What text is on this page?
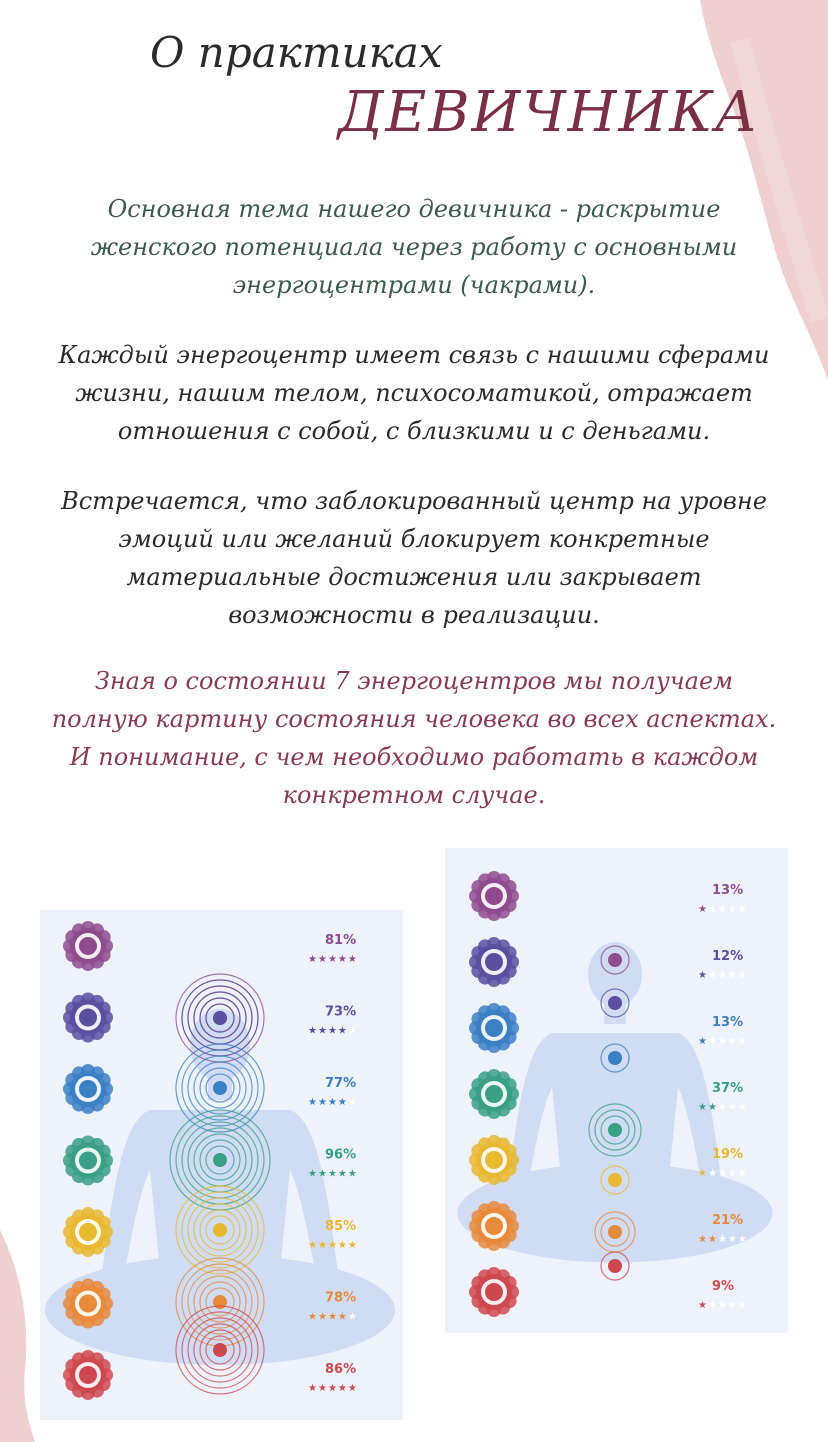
О практиках
ДЕВИЧНИКА
Основная тема нашего девичника - раскрытие
женского потенциала через работу с основными
энергоцентрами (чакрами).
Каждый энергоцентр имеет связь с нашими сферами
жизни, нашим телом, психосоматикой, отражает
отношения с собой, с близкими и с деньгами.
Встречается, что заблокированный центр на уровне
эмоций или желаний блокирует конкретные
материальные достижения или закрывает
возможности в реализации.
Зная о состоянии 7 энергоцентров мы получаем
полную картину состояния человека во всех аспектах.
И понимание, с чем необходимо работать в каждом
конкретном случае.
81%
★★★★★
73%
★★★★★
77%
★★★★★
96%
★★★★★
85%
★★★★★
78%
★★★★★
86%
★★★★★
13%
★★★★★
12%
★★★★★
13%
★★★★★
37%
★★★★★
19%
★★★★★
21%
★★★★★
9%
★★★★★
